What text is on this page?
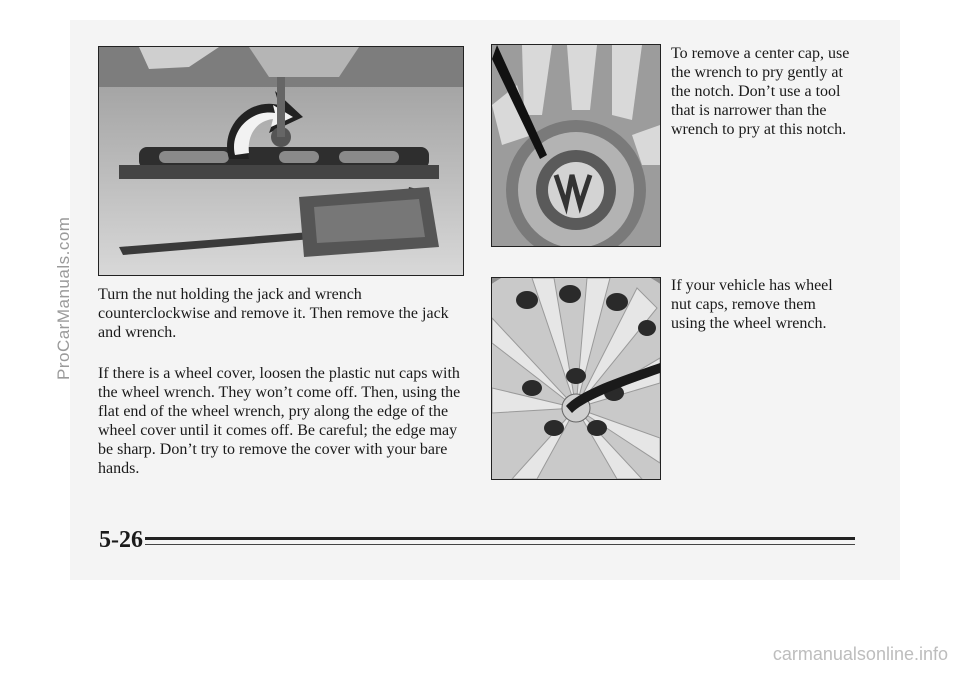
Turn the nut holding the jack and wrench counterclockwise and remove it. Then remove the jack and wrench.

If there is a wheel cover, loosen the plastic nut caps with the wheel wrench. They won’t come off. Then, using the flat end of the wheel wrench, pry along the edge of the wheel cover until it comes off. Be careful; the edge may be sharp. Don’t try to remove the cover with your bare hands.

To remove a center cap, use the wrench to pry gently at the notch. Don’t use a tool that is narrower than the wrench to pry at this notch.

If your vehicle has wheel nut caps, remove them using the wheel wrench.

5-26
ProCarManuals.com
carmanualsonline.info
